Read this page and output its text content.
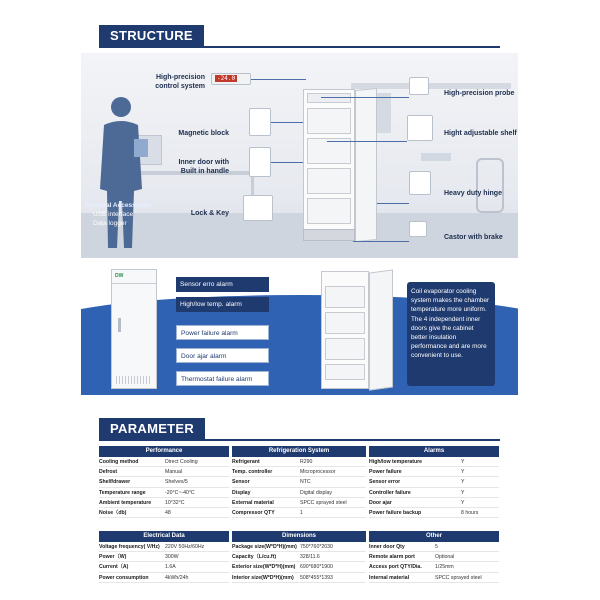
STRUCTURE
Optional Accessories
USB interface
Data logger
High-precision
control system
-24.0
Magnetic block
Inner door with
Built in handle
Lock & Key
High-precision probe
Hight adjustable shelf
Heavy duty hinge
Castor with brake
DW
Sensor erro alarm
High/low temp. alarm
Power failure alarm
Door ajar alarm
Thermostat failure alarm
Coil evaporator cooling system makes the chamber temperature more uniform.
The 4 independent inner doors give the cabinet better insulation performance and are more convenient to use.
PARAMETER
Performance
Cooling method	Direct Cooling
Defrost	Manual
Shelf/drawer	Shelves/5
Temperature range	-20°C~-40°C
Ambient temperature	10°32°C
Noise（db)	48
Refrigeration System
Refrigerant	R290
Temp. controller	Microprocessor
Sensor	NTC
Display	Digital display
External material	SPCC sprayed steel
Compressor QTY	1
Alarms
High/low temperature	Y
Power failure	Y
Sensor error	Y
Controller failure	Y
Door ajar	Y
Power failure backup	8 hours
Electrical Data
Voltage frequency( V/Hz)	220V 50Hz/60Hz
Power（W)	300W
Current（A)	1.6A
Power consumption	4kWh/24h
Dimensions
Package size(W*D*H)(mm) 750*760*2030
Capacity（L/cu.ft)	328/11.6
Exterior size(W*D*H)(mm) 690*680*1900
Interior size(W*D*H)(mm)	508*455*1393
Other
Inner door Qty	5
Remote alarm port	Optional
Access port QTY/Dia.	1/25mm
Internal material	SPCC sprayed steel
